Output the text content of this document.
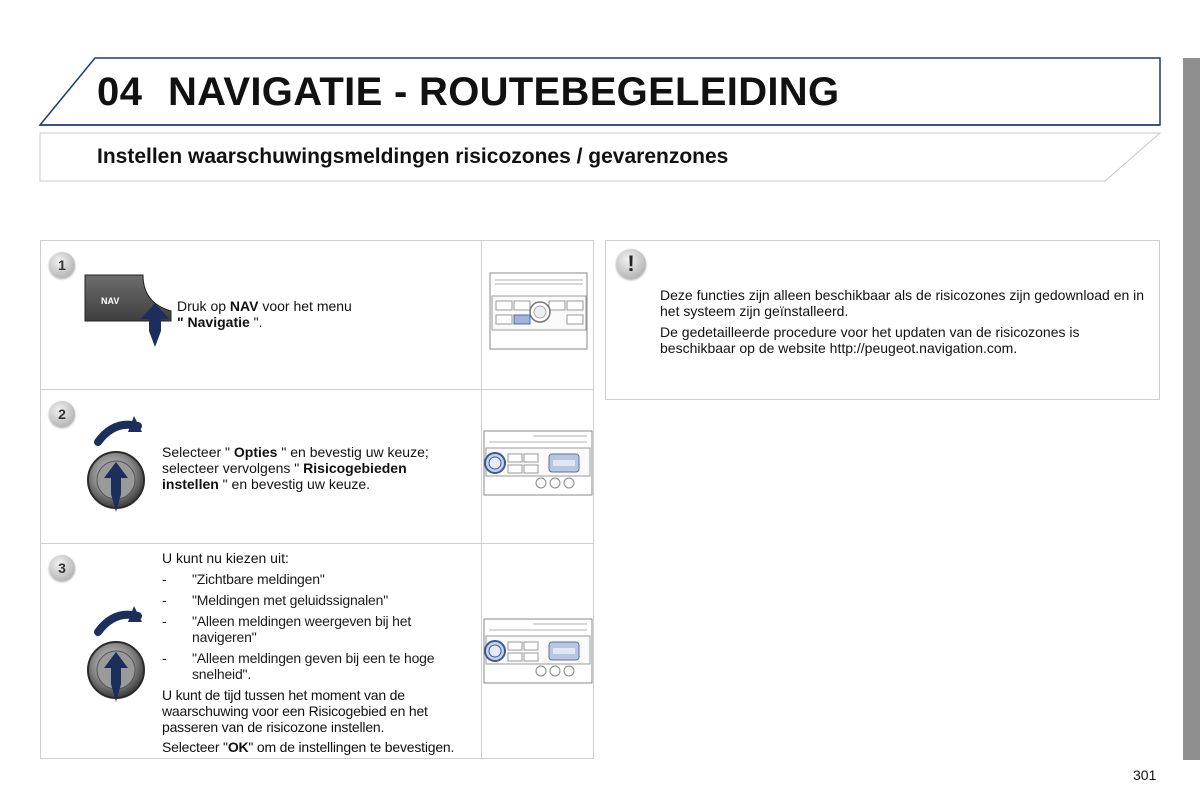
04 NAVIGATIE - ROUTEBEGELEIDING
Instellen waarschuwingsmeldingen risicozones / gevarenzones
1
NAV	Druk op NAV voor het menu
" Navigatie ".
2
Selecteer " Opties " en bevestig uw keuze;
selecteer vervolgens " Risicogebieden
instellen " en bevestig uw keuze.
3
U kunt nu kiezen uit:
- "Zichtbare meldingen"
- "Meldingen met geluidssignalen"
- "Alleen meldingen weergeven bij het navigeren"
- "Alleen meldingen geven bij een te hoge snelheid".
U kunt de tijd tussen het moment van de waarschuwing voor een Risicogebied en het passeren van de risicozone instellen.
Selecteer "OK" om de instellingen te bevestigen.
!

Deze functies zijn alleen beschikbaar als de risicozones zijn gedownload en in het systeem zijn geïnstalleerd.

De gedetailleerde procedure voor het updaten van de risicozones is beschikbaar op de website http://peugeot.navigation.com.

301
